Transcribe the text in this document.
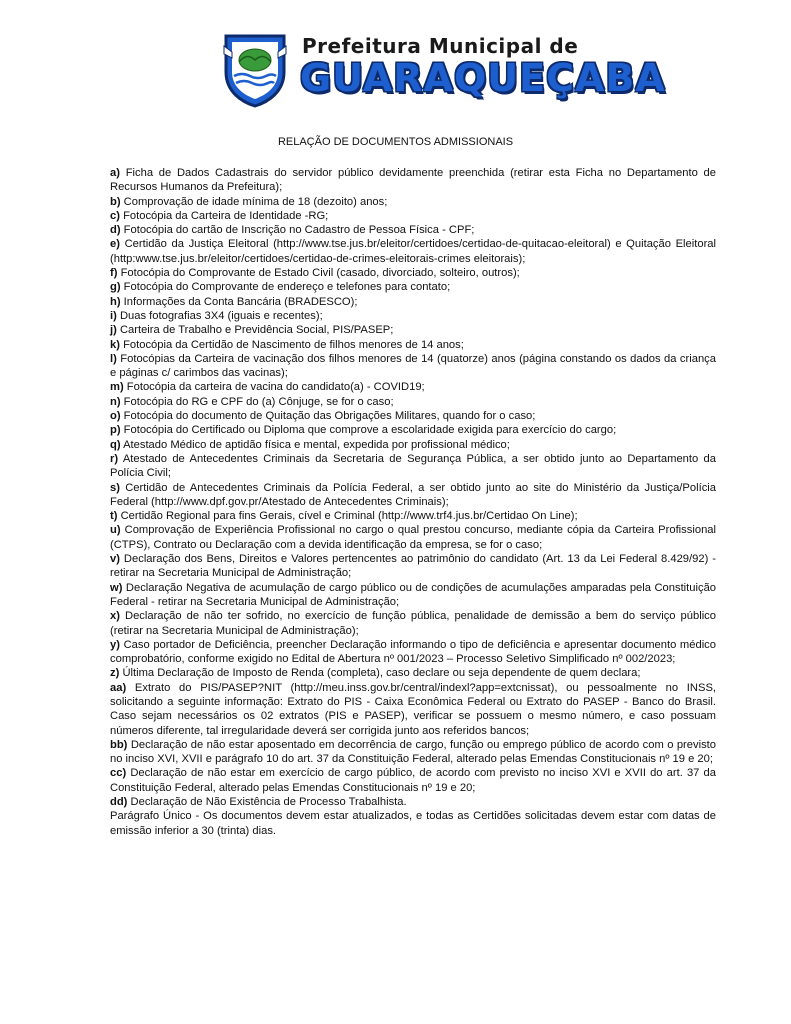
Prefeitura Municipal de
GUARAQUEÇABA
RELAÇÃO DE DOCUMENTOS ADMISSIONAIS

a) Ficha de Dados Cadastrais do servidor público devidamente preenchida (retirar esta Ficha no Departamento de Recursos Humanos da Prefeitura);

b) Comprovação de idade mínima de 18 (dezoito) anos;

c) Fotocópia da Carteira de Identidade -RG;

d) Fotocópia do cartão de Inscrição no Cadastro de Pessoa Física - CPF;

e) Certidão da Justiça Eleitoral (http://www.tse.jus.br/eleitor/certidoes/certidao-de-quitacao-eleitoral) e Quitação Eleitoral (http:www.tse.jus.br/eleitor/certidoes/certidao-de-crimes-eleitorais-crimes eleitorais);

f) Fotocópia do Comprovante de Estado Civil (casado, divorciado, solteiro, outros);

g) Fotocópia do Comprovante de endereço e telefones para contato;

h) Informações da Conta Bancária (BRADESCO);

i) Duas fotografias 3X4 (iguais e recentes);

j) Carteira de Trabalho e Previdência Social, PIS/PASEP;

k) Fotocópia da Certidão de Nascimento de filhos menores de 14 anos;

l) Fotocópias da Carteira de vacinação dos filhos menores de 14 (quatorze) anos (página constando os dados da criança e páginas c/ carimbos das vacinas);

m) Fotocópia da carteira de vacina do candidato(a) - COVID19;

n) Fotocópia do RG e CPF do (a) Cônjuge, se for o caso;

o) Fotocópia do documento de Quitação das Obrigações Militares, quando for o caso;

p) Fotocópia do Certificado ou Diploma que comprove a escolaridade exigida para exercício do cargo;

q) Atestado Médico de aptidão física e mental, expedida por profissional médico;

r) Atestado de Antecedentes Criminais da Secretaria de Segurança Pública, a ser obtido junto ao Departamento da Polícia Civil;

s) Certidão de Antecedentes Criminais da Polícia Federal, a ser obtido junto ao site do Ministério da Justiça/Polícia Federal (http://www.dpf.gov.pr/Atestado de Antecedentes Criminais);

t) Certidão Regional para fins Gerais, cível e Criminal (http://www.trf4.jus.br/Certidao On Line);

u) Comprovação de Experiência Profissional no cargo o qual prestou concurso, mediante cópia da Carteira Profissional (CTPS), Contrato ou Declaração com a devida identificação da empresa, se for o caso;

v) Declaração dos Bens, Direitos e Valores pertencentes ao patrimônio do candidato (Art. 13 da Lei Federal 8.429/92) - retirar na Secretaria Municipal de Administração;

w) Declaração Negativa de acumulação de cargo público ou de condições de acumulações amparadas pela Constituição Federal - retirar na Secretaria Municipal de Administração;

x) Declaração de não ter sofrido, no exercício de função pública, penalidade de demissão a bem do serviço público (retirar na Secretaria Municipal de Administração);

y) Caso portador de Deficiência, preencher Declaração informando o tipo de deficiência e apresentar documento médico comprobatório, conforme exigido no Edital de Abertura nº 001/2023 – Processo Seletivo Simplificado nº 002/2023;

z) Última Declaração de Imposto de Renda (completa), caso declare ou seja dependente de quem declara;

aa) Extrato do PIS/PASEP?NIT (http://meu.inss.gov.br/central/indexl?app=extcnissat), ou pessoalmente no INSS, solicitando a seguinte informação: Extrato do PIS - Caixa Econômica Federal ou Extrato do PASEP - Banco do Brasil. Caso sejam necessários os 02 extratos (PIS e PASEP), verificar se possuem o mesmo número, e caso possuam números diferente, tal irregularidade deverá ser corrigida junto aos referidos bancos;

bb) Declaração de não estar aposentado em decorrência de cargo, função ou emprego público de acordo com o previsto no inciso XVI, XVII e parágrafo 10 do art. 37 da Constituição Federal, alterado pelas Emendas Constitucionais nº 19 e 20;

cc) Declaração de não estar em exercício de cargo público, de acordo com previsto no inciso XVI e XVII do art. 37 da Constituição Federal, alterado pelas Emendas Constitucionais nº 19 e 20;

dd) Declaração de Não Existência de Processo Trabalhista.

Parágrafo Único - Os documentos devem estar atualizados, e todas as Certidões solicitadas devem estar com datas de emissão inferior a 30 (trinta) dias.
